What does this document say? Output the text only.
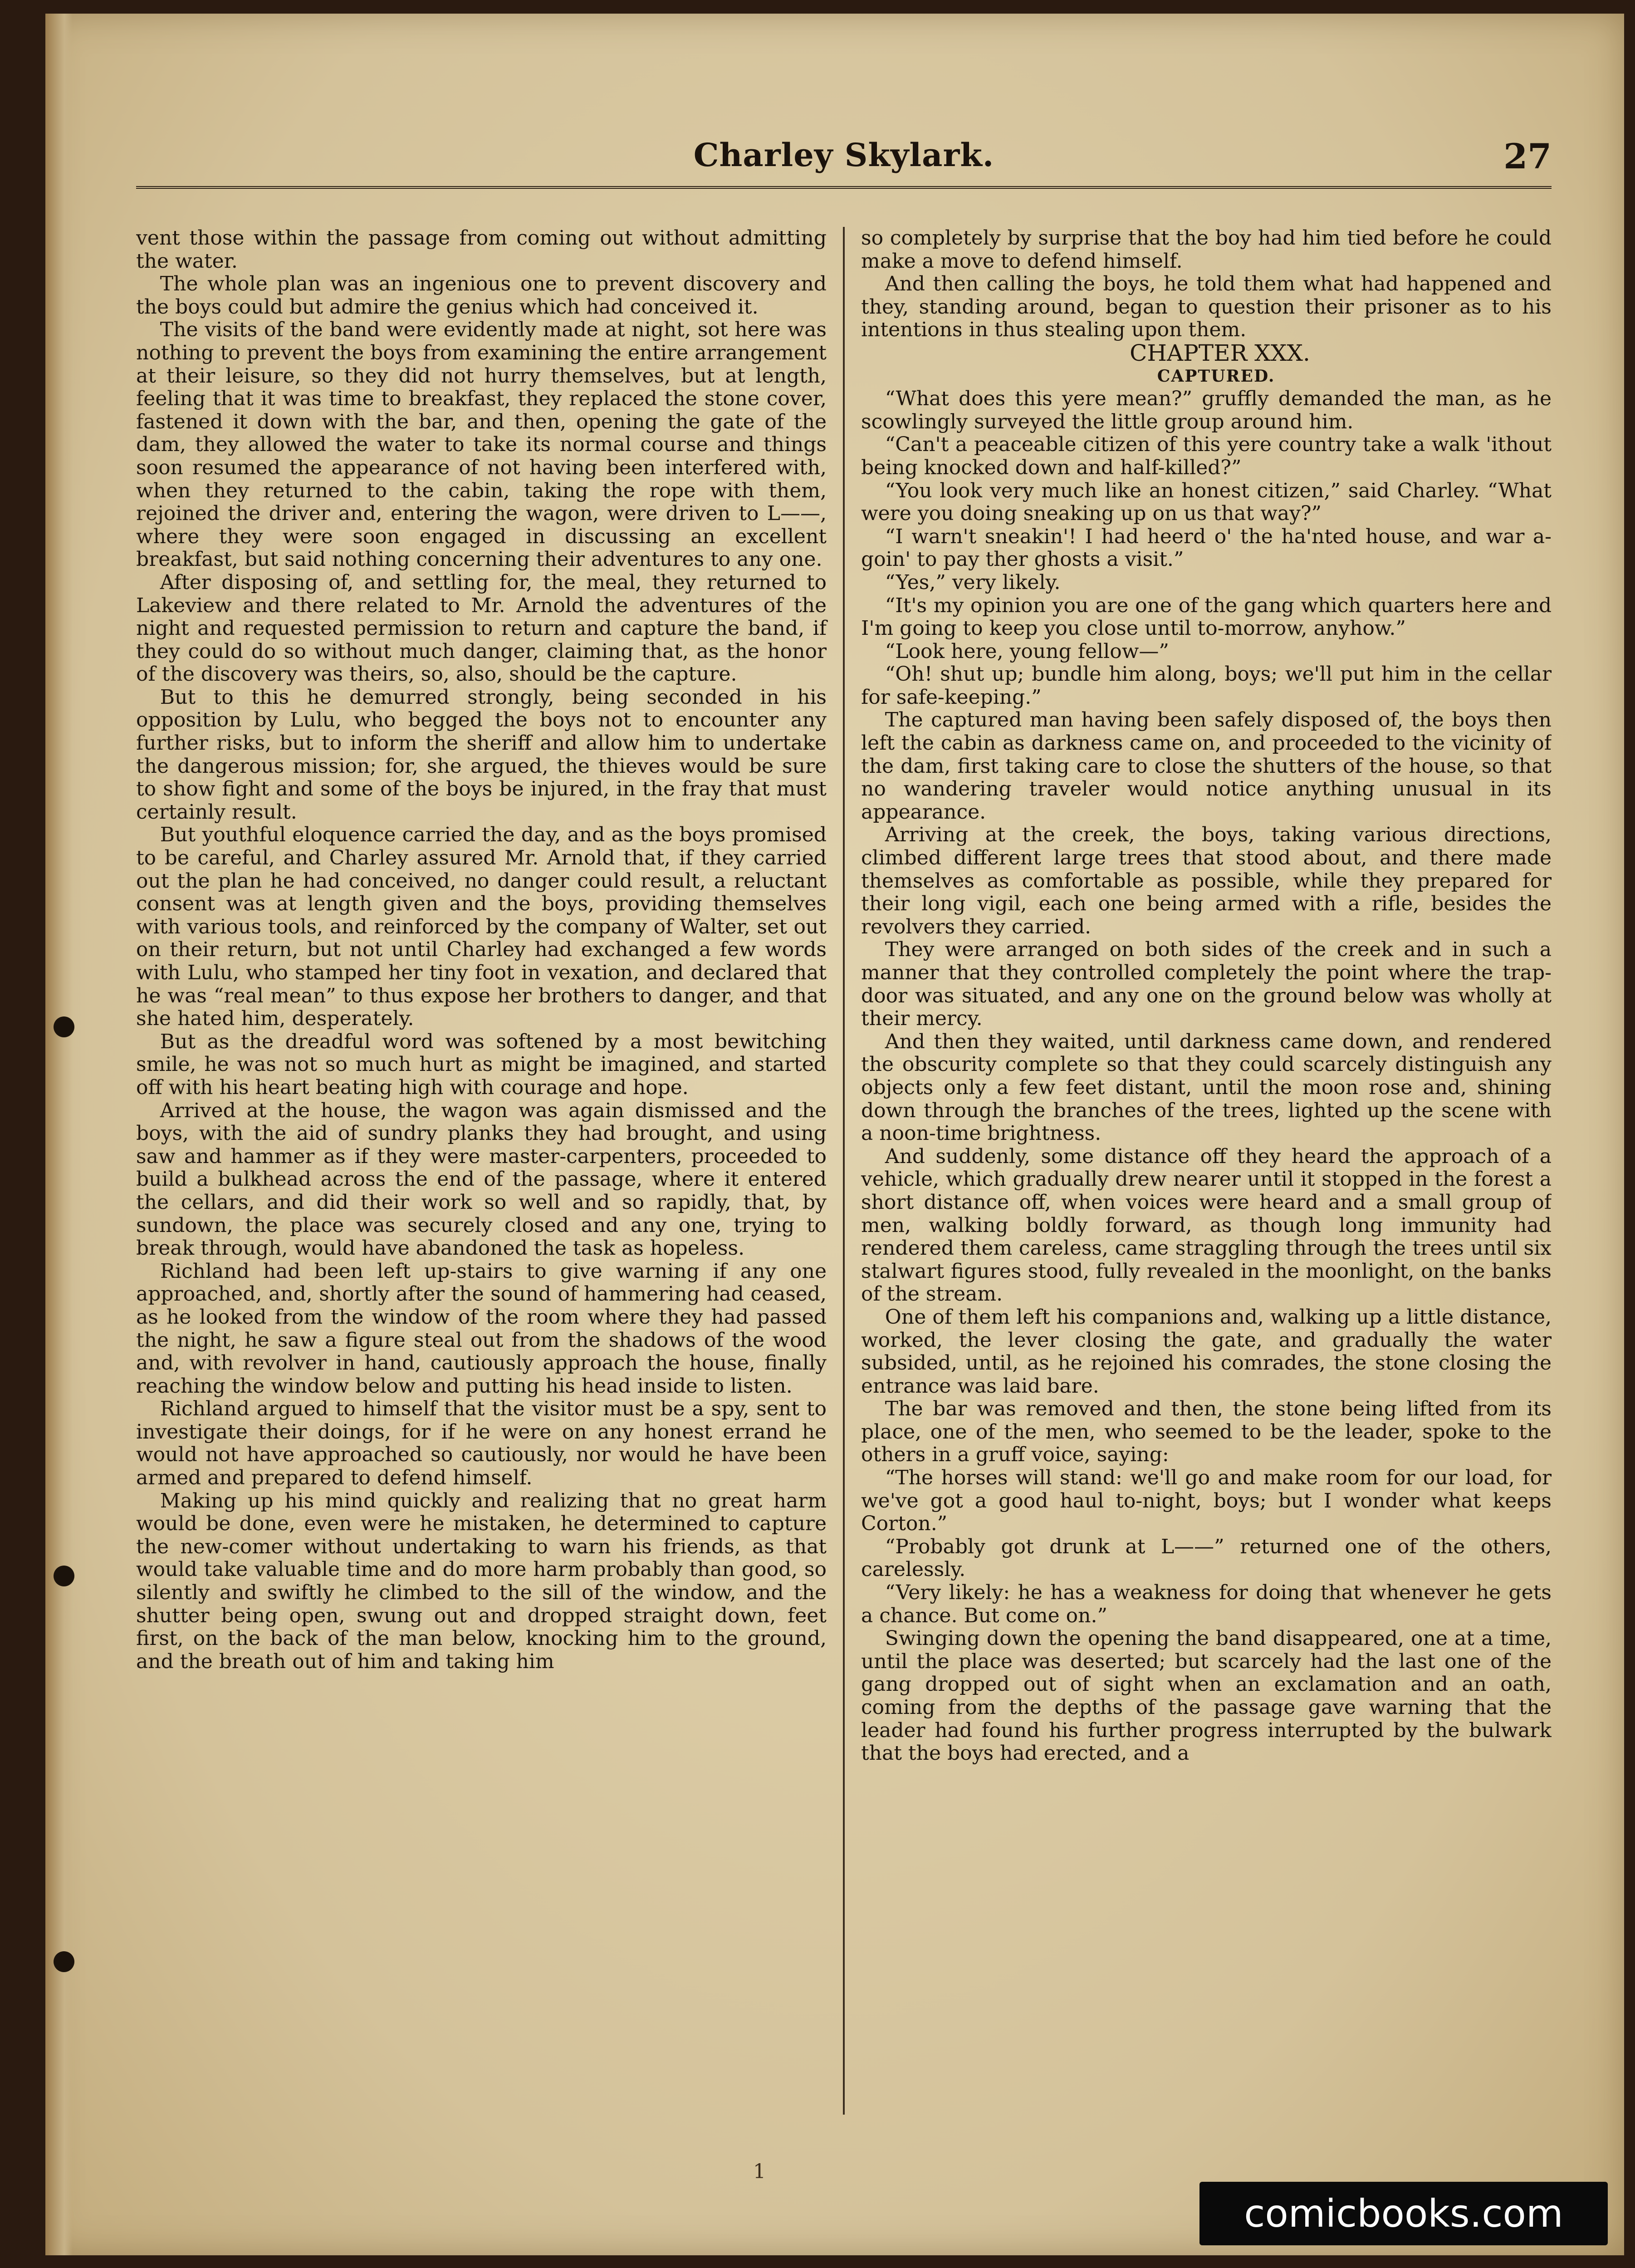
Charley Skylark.	27

vent those within the passage from coming out without admitting the water.

The whole plan was an ingenious one to prevent discovery and the boys could but admire the genius which had conceived it.

The visits of the band were evidently made at night, sot here was nothing to prevent the boys from examining the entire arrangement at their leisure, so they did not hurry themselves, but at length, feeling that it was time to breakfast, they replaced the stone cover, fastened it down with the bar, and then, opening the gate of the dam, they allowed the water to take its normal course and things soon resumed the appearance of not having been interfered with, when they returned to the cabin, taking the rope with them, rejoined the driver and, entering the wagon, were driven to L——, where they were soon engaged in discussing an excellent breakfast, but said nothing concerning their adventures to any one.

After disposing of, and settling for, the meal, they returned to Lakeview and there related to Mr. Arnold the adventures of the night and requested permission to return and capture the band, if they could do so without much danger, claiming that, as the honor of the discovery was theirs, so, also, should be the capture.

But to this he demurred strongly, being seconded in his opposition by Lulu, who begged the boys not to encounter any further risks, but to inform the sheriff and allow him to undertake the dangerous mission; for, she argued, the thieves would be sure to show fight and some of the boys be injured, in the fray that must certainly result.

But youthful eloquence carried the day, and as the boys promised to be careful, and Charley assured Mr. Arnold that, if they carried out the plan he had conceived, no danger could result, a reluctant consent was at length given and the boys, providing themselves with various tools, and reinforced by the company of Walter, set out on their return, but not until Charley had exchanged a few words with Lulu, who stamped her tiny foot in vexation, and declared that he was “real mean” to thus expose her brothers to danger, and that she hated him, desperately.

But as the dreadful word was softened by a most bewitching smile, he was not so much hurt as might be imagined, and started off with his heart beating high with courage and hope.

Arrived at the house, the wagon was again dismissed and the boys, with the aid of sundry planks they had brought, and using saw and hammer as if they were master-carpenters, proceeded to build a bulkhead across the end of the passage, where it entered the cellars, and did their work so well and so rapidly, that, by sundown, the place was securely closed and any one, trying to break through, would have abandoned the task as hopeless.

Richland had been left up-stairs to give warning if any one approached, and, shortly after the sound of hammering had ceased, as he looked from the window of the room where they had passed the night, he saw a figure steal out from the shadows of the wood and, with revolver in hand, cautiously approach the house, finally reaching the window below and putting his head inside to listen.

Richland argued to himself that the visitor must be a spy, sent to investigate their doings, for if he were on any honest errand he would not have approached so cautiously, nor would he have been armed and prepared to defend himself.

Making up his mind quickly and realizing that no great harm would be done, even were he mistaken, he determined to capture the new-comer without undertaking to warn his friends, as that would take valuable time and do more harm probably than good, so silently and swiftly he climbed to the sill of the window, and the shutter being open, swung out and dropped straight down, feet first, on the back of the man below, knocking him to the ground, and the breath out of him and taking him

so completely by surprise that the boy had him tied before he could make a move to defend himself.

And then calling the boys, he told them what had happened and they, standing around, began to question their prisoner as to his intentions in thus stealing upon them.

CHAPTER XXX.

CAPTURED.

“What does this yere mean?” gruffly demanded the man, as he scowlingly surveyed the little group around him.

“Can't a peaceable citizen of this yere country take a walk 'ithout being knocked down and half-killed?”

“You look very much like an honest citizen,” said Charley. “What were you doing sneaking up on us that way?”

“I warn't sneakin'! I had heerd o' the ha'nted house, and war a-goin' to pay ther ghosts a visit.”

“Yes,” very likely.

“It's my opinion you are one of the gang which quarters here and I'm going to keep you close until to-morrow, anyhow.”

“Look here, young fellow—”

“Oh! shut up; bundle him along, boys; we'll put him in the cellar for safe-keeping.”

The captured man having been safely disposed of, the boys then left the cabin as darkness came on, and proceeded to the vicinity of the dam, first taking care to close the shutters of the house, so that no wandering traveler would notice anything unusual in its appearance.

Arriving at the creek, the boys, taking various directions, climbed different large trees that stood about, and there made themselves as comfortable as possible, while they prepared for their long vigil, each one being armed with a rifle, besides the revolvers they carried.

They were arranged on both sides of the creek and in such a manner that they controlled completely the point where the trap-door was situated, and any one on the ground below was wholly at their mercy.

And then they waited, until darkness came down, and rendered the obscurity complete so that they could scarcely distinguish any objects only a few feet distant, until the moon rose and, shining down through the branches of the trees, lighted up the scene with a noon-time brightness.

And suddenly, some distance off they heard the approach of a vehicle, which gradually drew nearer until it stopped in the forest a short distance off, when voices were heard and a small group of men, walking boldly forward, as though long immunity had rendered them careless, came straggling through the trees until six stalwart figures stood, fully revealed in the moonlight, on the banks of the stream.

One of them left his companions and, walking up a little distance, worked, the lever closing the gate, and gradually the water subsided, until, as he rejoined his comrades, the stone closing the entrance was laid bare.

The bar was removed and then, the stone being lifted from its place, one of the men, who seemed to be the leader, spoke to the others in a gruff voice, saying:

“The horses will stand: we'll go and make room for our load, for we've got a good haul to-night, boys; but I wonder what keeps Corton.”

“Probably got drunk at L——” returned one of the others, carelessly.

“Very likely: he has a weakness for doing that whenever he gets a chance. But come on.”

Swinging down the opening the band disappeared, one at a time, until the place was deserted; but scarcely had the last one of the gang dropped out of sight when an exclamation and an oath, coming from the depths of the passage gave warning that the leader had found his further progress interrupted by the bulwark that the boys had erected, and a

1
comicbooks.com
